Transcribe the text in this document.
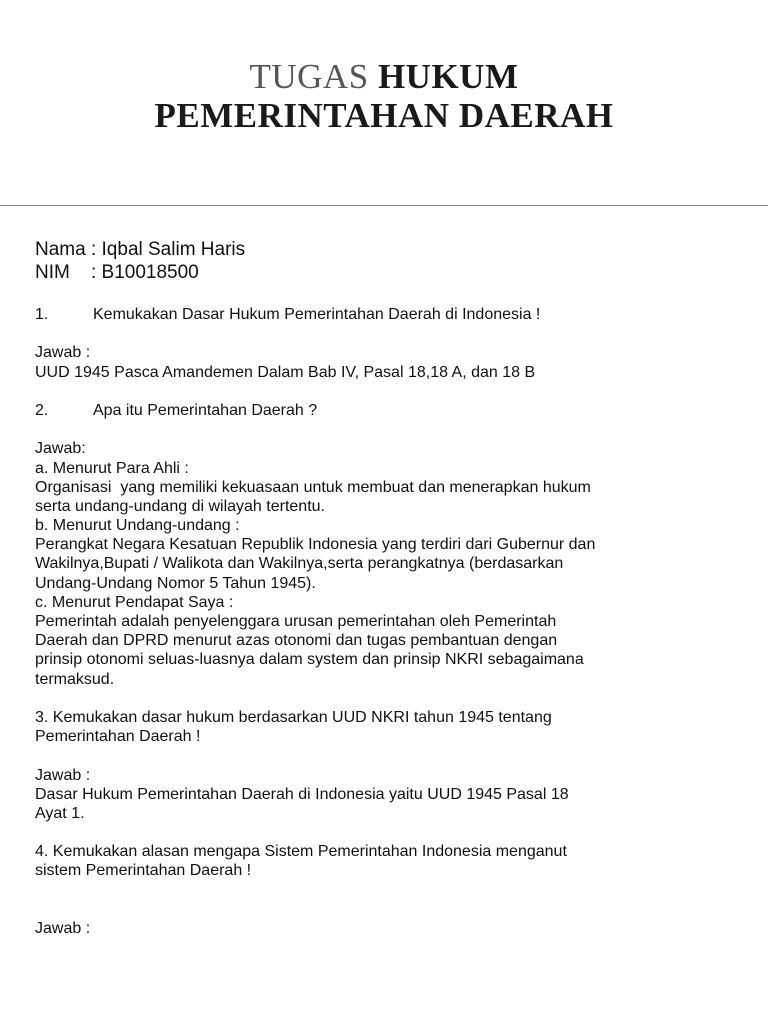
TUGAS HUKUM
PEMERINTAHAN DAERAH
Nama : Iqbal Salim Haris
NIM    : B10018500
1.	Kemukakan Dasar Hukum Pemerintahan Daerah di Indonesia !
Jawab :
UUD 1945 Pasca Amandemen Dalam Bab IV, Pasal 18,18 A, dan 18 B
2.	Apa itu Pemerintahan Daerah ?
Jawab:
a. Menurut Para Ahli :
Organisasi  yang memiliki kekuasaan untuk membuat dan menerapkan hukum
serta undang-undang di wilayah tertentu.
b. Menurut Undang-undang :
Perangkat Negara Kesatuan Republik Indonesia yang terdiri dari Gubernur dan
Wakilnya,Bupati / Walikota dan Wakilnya,serta perangkatnya (berdasarkan
Undang-Undang Nomor 5 Tahun 1945).
c. Menurut Pendapat Saya :
Pemerintah adalah penyelenggara urusan pemerintahan oleh Pemerintah
Daerah dan DPRD menurut azas otonomi dan tugas pembantuan dengan
prinsip otonomi seluas-luasnya dalam system dan prinsip NKRI sebagaimana
termaksud.
3. Kemukakan dasar hukum berdasarkan UUD NKRI tahun 1945 tentang
Pemerintahan Daerah !
Jawab :
Dasar Hukum Pemerintahan Daerah di Indonesia yaitu UUD 1945 Pasal 18
Ayat 1.
4. Kemukakan alasan mengapa Sistem Pemerintahan Indonesia menganut
sistem Pemerintahan Daerah !
Jawab :
